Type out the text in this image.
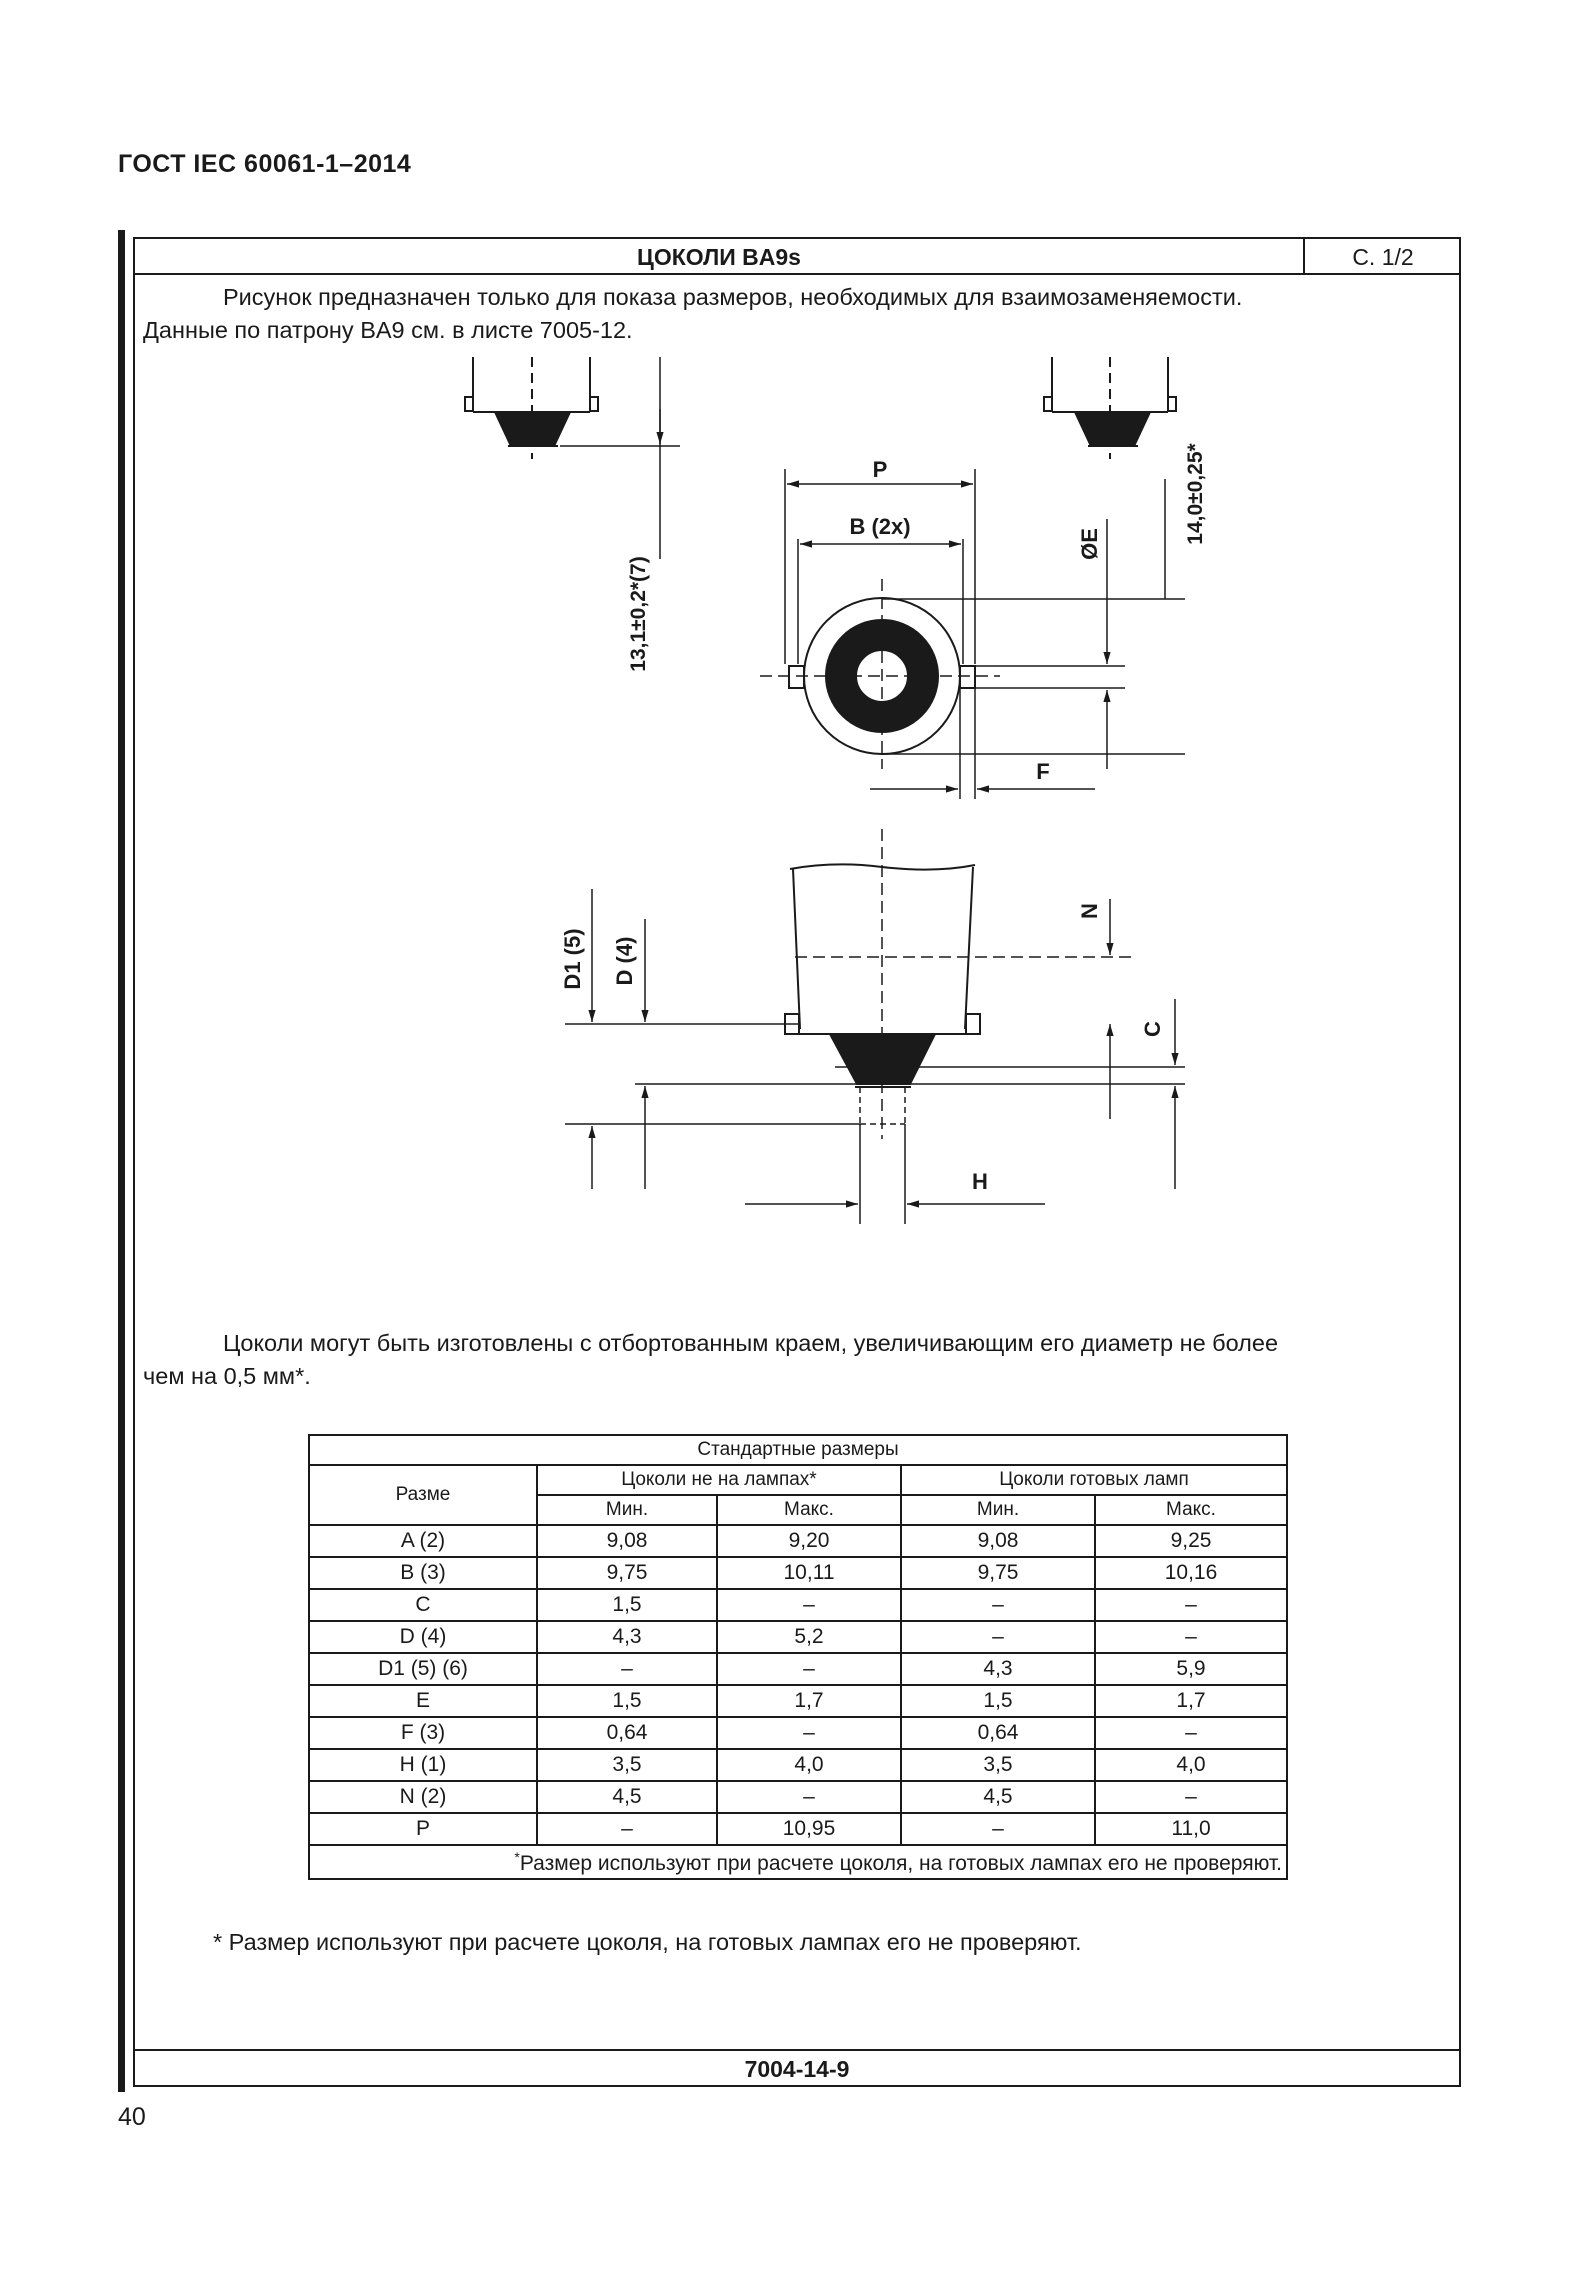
ГОСТ IEC 60061-1–2014
ЦОКОЛИ BA9s	С. 1/2

Рисунок предназначен только для показа размеров, необходимых для взаимозаменяемости.

Данные по патрону BA9 см. в листе 7005-12.

13,1±0,2*(7)
14,0±0,25*
P
B (2x)
ØE
F
N
C
D1 (5) D (4)
H

Цоколи могут быть изготовлены с отбортованным краем, увеличивающим его диаметр не более

чем на 0,5 мм*.

Стандартные размеры				
Разме	Цоколи не на лампах*		Цоколи готовых ламп	
	Мин.	Макс.	Мин.	Макс.
A (2)	9,08	9,20	9,08	9,25
B (3)	9,75	10,11	9,75	10,16
C	1,5	–	–	–
D (4)	4,3	5,2	–	–
D1 (5) (6)	–	–	4,3	5,9
E	1,5	1,7	1,5	1,7
F (3)	0,64	–	0,64	–
H (1)	3,5	4,0	3,5	4,0
N (2)	4,5	–	4,5	–
P	–	10,95	–	11,0
*Размер используют при расчете цоколя, на готовых лампах его не проверяют.				
* Размер используют при расчете цоколя, на готовых лампах его не проверяют.
7004-14-9
40
